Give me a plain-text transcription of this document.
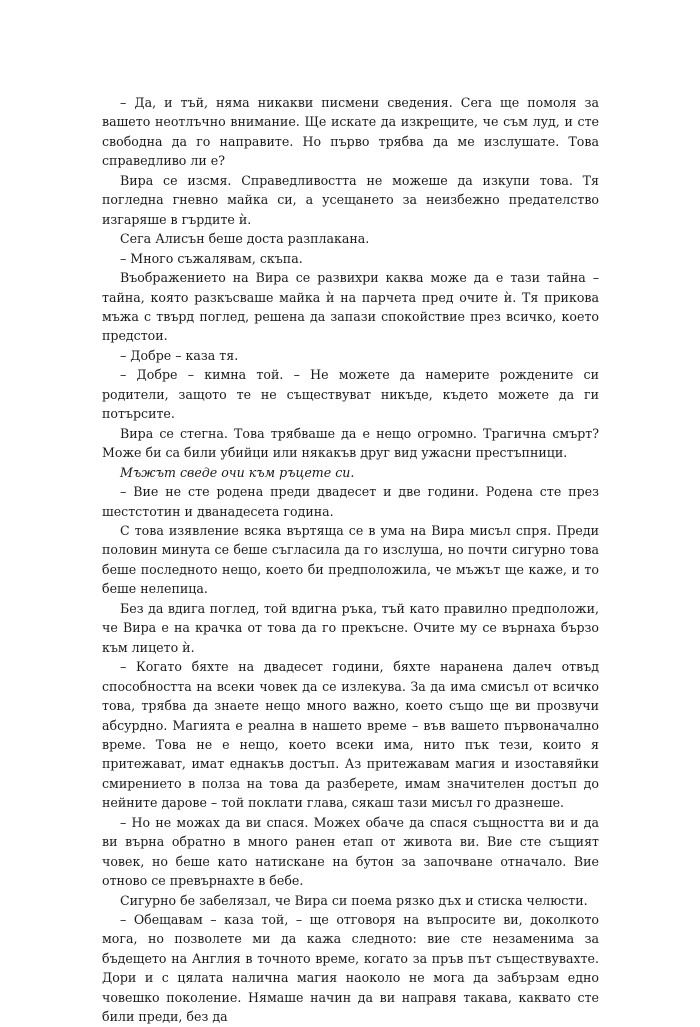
– Да, и тъй, няма никакви писмени сведения. Сега ще помоля за вашето неотлъчно внимание. Ще искате да изкрещите, че съм луд, и сте свободна да го направите. Но първо трябва да ме изслушате. Това справедливо ли е?

Вира се изсмя. Справедливостта не можеше да изкупи това. Тя погледна гневно майка си, а усещането за неизбежно предателство изгаряше в гърдите ѝ.

Сега Алисън беше доста разплакана.

– Много съжалявам, скъпа.

Въображението на Вира се развихри каква може да е тази тайна – тайна, която разкъсваше майка ѝ на парчета пред очите ѝ. Тя прикова мъжа с твърд поглед, решена да запази спокойствие през всичко, което предстои.

– Добре – каза тя.

– Добре – кимна той. – Не можете да намерите рождените си родители, защото те не съществуват никъде, където можете да ги потърсите.

Вира се стегна. Това трябваше да е нещо огромно. Трагична смърт? Може би са били убийци или някакъв друг вид ужасни престъпници.

Мъжът сведе очи към ръцете си.

– Вие не сте родена преди двадесет и две години. Родена сте през шестстотин и дванадесета година.

С това изявление всяка въртяща се в ума на Вира мисъл спря. Преди половин минута се беше съгласила да го изслуша, но почти сигурно това беше последното нещо, което би предположила, че мъжът ще каже, и то беше нелепица.

Без да вдига поглед, той вдигна ръка, тъй като правилно предположи, че Вира е на крачка от това да го прекъсне. Очите му се върнаха бързо към лицето ѝ.

– Когато бяхте на двадесет години, бяхте наранена далеч отвъд способността на всеки човек да се излекува. За да има смисъл от всичко това, трябва да знаете нещо много важно, което също ще ви прозвучи абсурдно. Магията е реална в нашето време – във вашето първоначално време. Това не е нещо, което всеки има, нито пък тези, които я притежават, имат еднакъв достъп. Аз притежавам магия и изоставяйки смирението в полза на това да разберете, имам значителен достъп до нейните дарове – той поклати глава, сякаш тази мисъл го дразнеше.

– Но не можах да ви спася. Можех обаче да спася същността ви и да ви върна обратно в много ранен етап от живота ви. Вие сте същият човек, но беше като натискане на бутон за започване отначало. Вие отново се превърнахте в бебе.

Сигурно бе забелязал, че Вира си поема рязко дъх и стиска челюсти.

– Обещавам – каза той, – ще отговоря на въпросите ви, доколкото мога, но позволете ми да кажа следното: вие сте незаменима за бъдещето на Англия в точното време, когато за пръв път съществувахте. Дори и с цялата налична магия наоколо не мога да забързам едно човешко поколение. Нямаше начин да ви направя такава, каквато сте били преди, без да
